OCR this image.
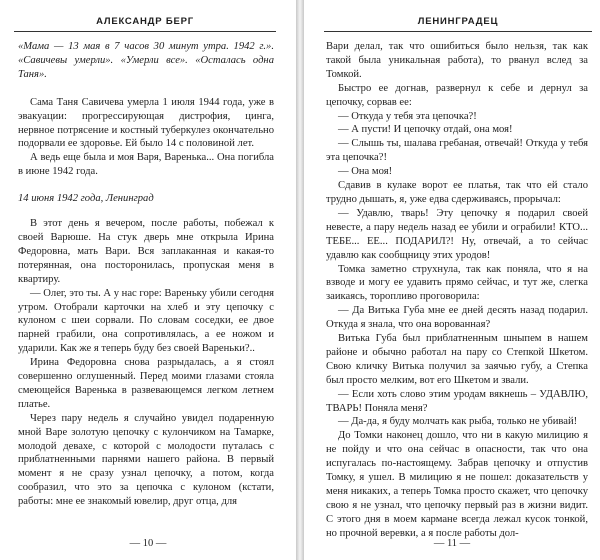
АЛЕКСАНДР БЕРГ

«Мама — 13 мая в 7 часов 30 минут утра. 1942 г.». «Савичевы умерли». «Умерли все». «Осталась одна Таня».

Сама Таня Савичева умерла 1 июля 1944 года, уже в эвакуации: прогрессирующая дистрофия, цинга, нервное потрясение и костный туберкулез окончательно подорвали ее здоровье. Ей было 14 с половиной лет.

А ведь еще была и моя Варя, Варенька... Она погибла в июне 1942 года.

14 июня 1942 года, Ленинград

В этот день я вечером, после работы, побежал к своей Варюше. На стук дверь мне открыла Ирина Федоровна, мать Вари. Вся заплаканная и какая-то потерянная, она посторонилась, пропуская меня в квартиру.

— Олег, это ты. А у нас горе: Вареньку убили сегодня утром. Отобрали карточки на хлеб и эту цепочку с кулоном с шеи сорвали. По словам соседки, ее двое парней грабили, она сопротивлялась, а ее ножом и ударили. Как же я теперь буду без своей Вареньки?..

Ирина Федоровна снова разрыдалась, а я стоял совершенно оглушенный. Перед моими глазами стояла смеющейся Варенька в развевающемся легком летнем платье.

Через пару недель я случайно увидел подаренную мной Варе золотую цепочку с кулончиком на Тамарке, молодой девахе, с которой с молодости путалась с приблатненными парнями нашего района. В первый момент я не сразу узнал цепочку, а потом, когда сообразил, что это за цепочка с кулоном (кстати, работы: мне ее знакомый ювелир, друг отца, для

— 10 —
ЛЕНИНГРАДЕЦ

Вари делал, так что ошибиться было нельзя, так как такой была уникальная работа), то рванул вслед за Томкой.

Быстро ее догнав, развернул к себе и дернул за цепочку, сорвав ее:

— Откуда у тебя эта цепочка?!

— А пусти! И цепочку отдай, она моя!

— Слышь ты, шалава гребаная, отвечай! Откуда у тебя эта цепочка?!

— Она моя!

Сдавив в кулаке ворот ее платья, так что ей стало трудно дышать, я, уже едва сдерживаясь, прорычал:

— Удавлю, тварь! Эту цепочку я подарил своей невесте, а пару недель назад ее убили и ограбили! КТО... ТЕБЕ... ЕЕ... ПОДАРИЛ?! Ну, отвечай, а то сейчас удавлю как сообщницу этих уродов!

Томка заметно струхнула, так как поняла, что я на взводе и могу ее удавить прямо сейчас, и тут же, слегка заикаясь, торопливо проговорила:

— Да Витька Губа мне ее дней десять назад подарил. Откуда я знала, что она ворованная?

Витька Губа был приблатненным шныпем в нашем районе и обычно работал на пару со Степкой Шкетом. Свою кличку Витька получил за заячью губу, а Степка был просто мелким, вот его Шкетом и звали.

— Если хоть слово этим уродам вякнешь – УДАВЛЮ, ТВАРЬ! Поняла меня?

— Да-да, я буду молчать как рыба, только не убивай!

До Томки наконец дошло, что ни в какую милицию я не пойду и что она сейчас в опасности, так что она испугалась по-настоящему. Забрав цепочку и отпустив Томку, я ушел. В милицию я не пошел: доказательств у меня никаких, а теперь Томка просто скажет, что цепочку свою я не узнал, что цепочку первый раз в жизни видит. С этого дня в моем кармане всегда лежал кусок тонкой, но прочной веревки, а я после работы дол-

— 11 —
